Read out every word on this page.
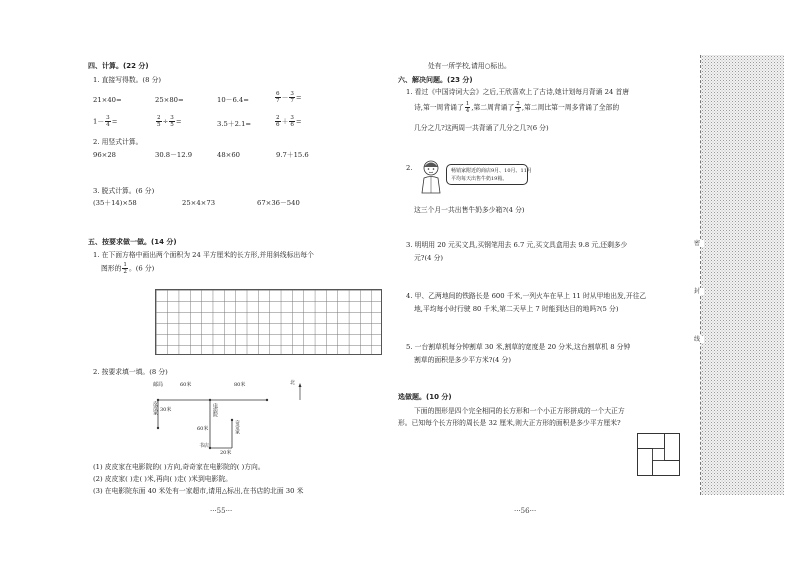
四、计算。(22 分)
1. 直接写得数。(8 分)
21×40=	25×80=	10－6.4=	$\frac{6}{7} - \frac{3}{7}$ =
$1- \frac{3}{4}$ =	$\frac{2}{5} \div \frac{3}{5}$ =	3.5＋2.1=	$\frac{2}{6} + \frac{3}{6}$ =
2. 用竖式计算。
96×28	30.8－12.9	48×60	9.7＋15.6
3. 脱式计算。(6 分)
(35＋14)×58	25×4×73	67×36－540
五、按要求做一做。(14 分)
1. 在下面方格中画出两个面积为 24 平方厘米的长方形,并用斜线标出每个
图形的 $\frac{1}{2}$ 。(6 分)
2. 按要求填一填。(8 分)
邮局	60米	80米	北
皮皮家 30米
60米
电影院
奇奇家
书店
20米
(1) 皮皮家在电影院的( )方向,奇奇家在电影院的( )方向。
(2) 皮皮家( )走( )米,再向( )走( )米到电影院。
(3) 在电影院东面 40 米处有一家超市,请用△标出,在书店的北面 30 米
···55···
处有一所学校,请用○标出。
六、解决问题。(23 分)
1. 看过《中国诗词大会》之后,王欣喜欢上了古诗,她计划每月背诵 24 首唐
诗,第一周背诵了 $\frac{1}{4}$ ,第二周背诵了 $\frac{2}{3}$ ,第二周比第一周多背诵了全部的
几分之几?这两周一共背诵了几分之几?(6 分)
2.	畅销家附近的商店9月、10月、11月
平均每天出售牛奶19箱。
这三个月一共出售牛奶多少箱?(4 分)
3. 明明用 20 元买文具,买钢笔用去 6.7 元,买文具盒用去 9.8 元,还剩多少
元?(4 分)
4. 甲、乙两地间的铁路长是 600 千米,一列火车在早上 11 时从甲地出发,开往乙
地,平均每小时行驶 80 千米,第二天早上 7 时能到达目的地吗?(5 分)
5. 一台割草机每分钟割草 30 米,割草的宽度是 20 分米,这台割草机 8 分钟
割草的面积是多少平方米?(4 分)
选做题。(10 分)
下面的图形是四个完全相同的长方形和一个小正方形拼成的一个大正方
形。已知每个长方形的周长是 32 厘米,则大正方形的面积是多少平方厘米?
···56···
密
封
线
